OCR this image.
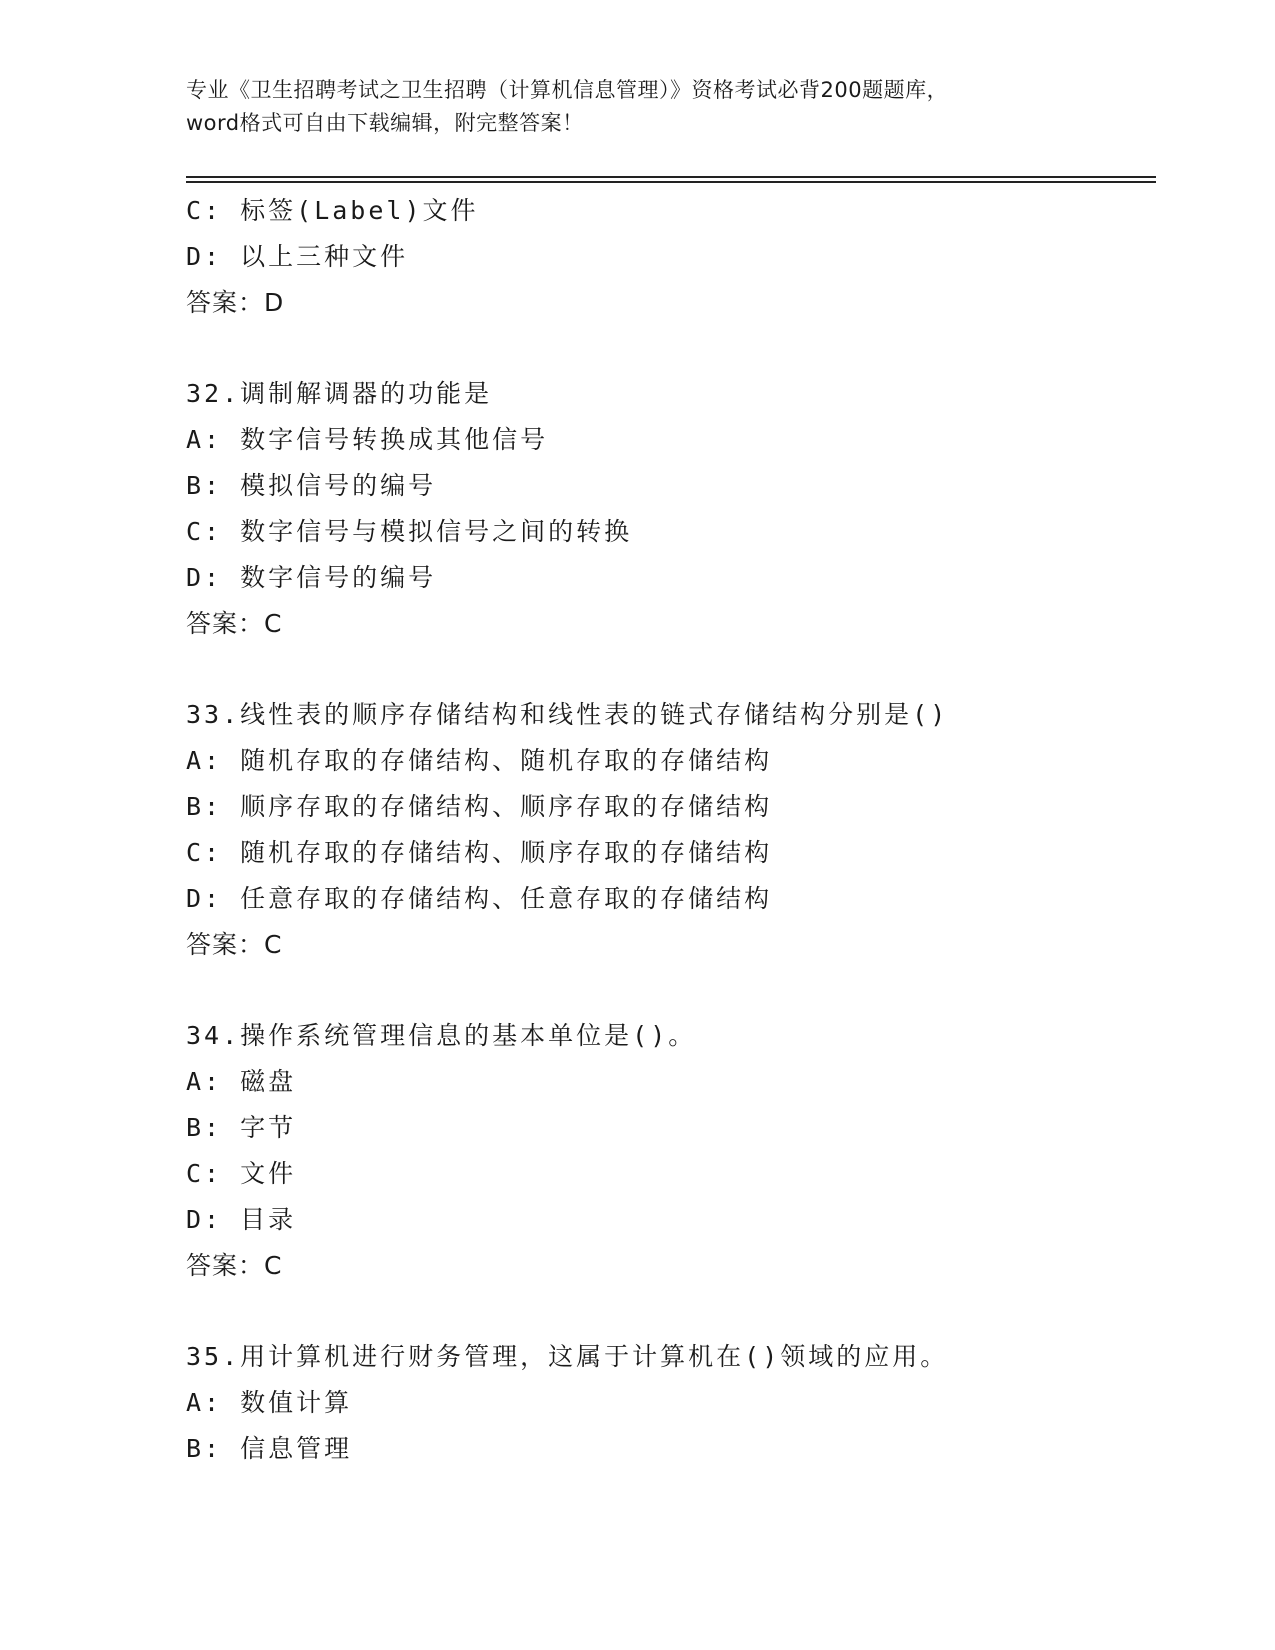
专业《卫生招聘考试之卫生招聘（计算机信息管理）》资格考试必背200题题库，
word格式可自由下载编辑，附完整答案！
C: 标签(Label)文件
D: 以上三种文件
答案：D
32.调制解调器的功能是
A: 数字信号转换成其他信号
B: 模拟信号的编号
C: 数字信号与模拟信号之间的转换
D: 数字信号的编号
答案：C
33.线性表的顺序存储结构和线性表的链式存储结构分别是()
A: 随机存取的存储结构、随机存取的存储结构
B: 顺序存取的存储结构、顺序存取的存储结构
C: 随机存取的存储结构、顺序存取的存储结构
D: 任意存取的存储结构、任意存取的存储结构
答案：C
34.操作系统管理信息的基本单位是()。
A: 磁盘
B: 字节
C: 文件
D: 目录
答案：C
35.用计算机进行财务管理，这属于计算机在()领域的应用。
A: 数值计算
B: 信息管理
